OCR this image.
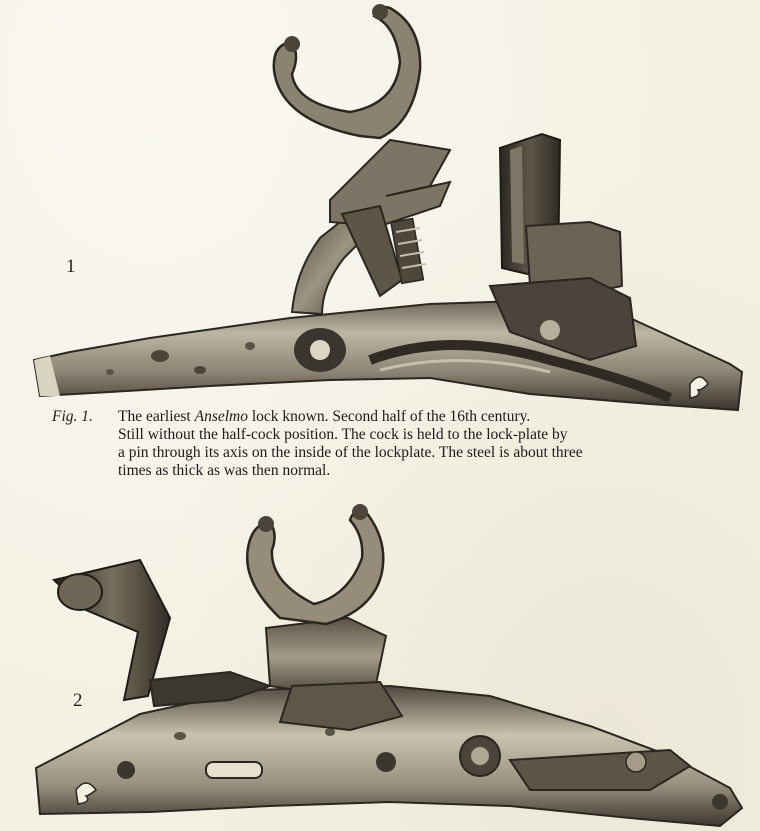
1
Fig. 1. The earliest Anselmo lock known. Second half of the 16th century.
Still without the half-cock position. The cock is held to the lock-plate by
a pin through its axis on the inside of the lockplate. The steel is about three
times as thick as was then normal.
2
